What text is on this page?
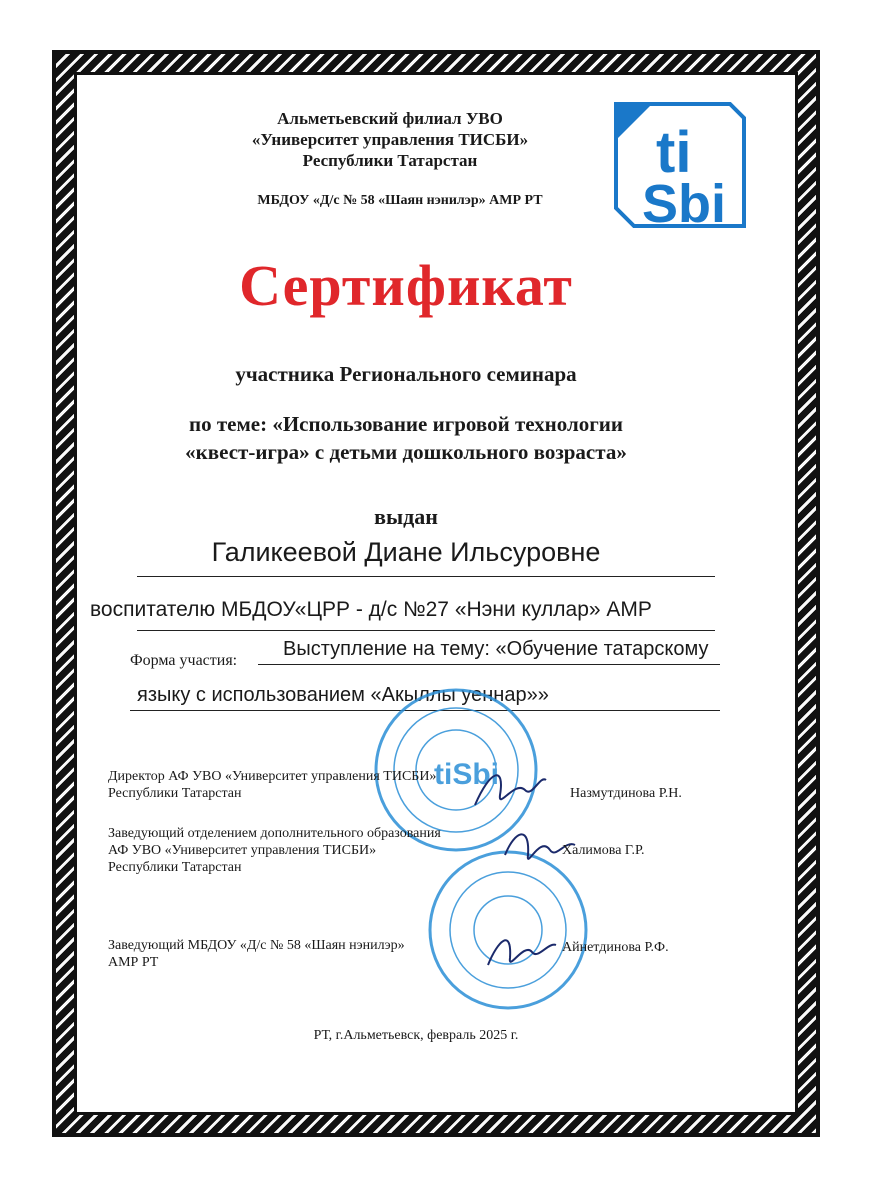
Альметьевский филиал УВО
«Университет управления ТИСБИ»
Республики Татарстан
МБДОУ «Д/с № 58 «Шаян нэнилэр» АМР РТ
ti
Sbi
Сертификат
участника Регионального семинара
по теме: «Использование игровой технологии
«квест-игра» с детьми дошкольного возраста»
выдан
Галикеевой Диане Ильсуровне
воспитателю МБДОУ«ЦРР - д/с №27 «Нэни куллар» АМР
Форма участия:
Выступление на тему: «Обучение татарскому
языку с использованием «Акыллы уеннар»»
tiSbi
Директор АФ УВО «Университет управления ТИСБИ»
Республики Татарстан	Назмутдинова Р.Н.
Заведующий отделением дополнительного образования
АФ УВО «Университет управления ТИСБИ»
Республики Татарстан
Халимова Г.Р.
Заведующий МБДОУ «Д/с № 58 «Шаян нэнилэр»
АМР РТ
Айнетдинова Р.Ф.
РТ, г.Альметьевск, февраль 2025 г.
